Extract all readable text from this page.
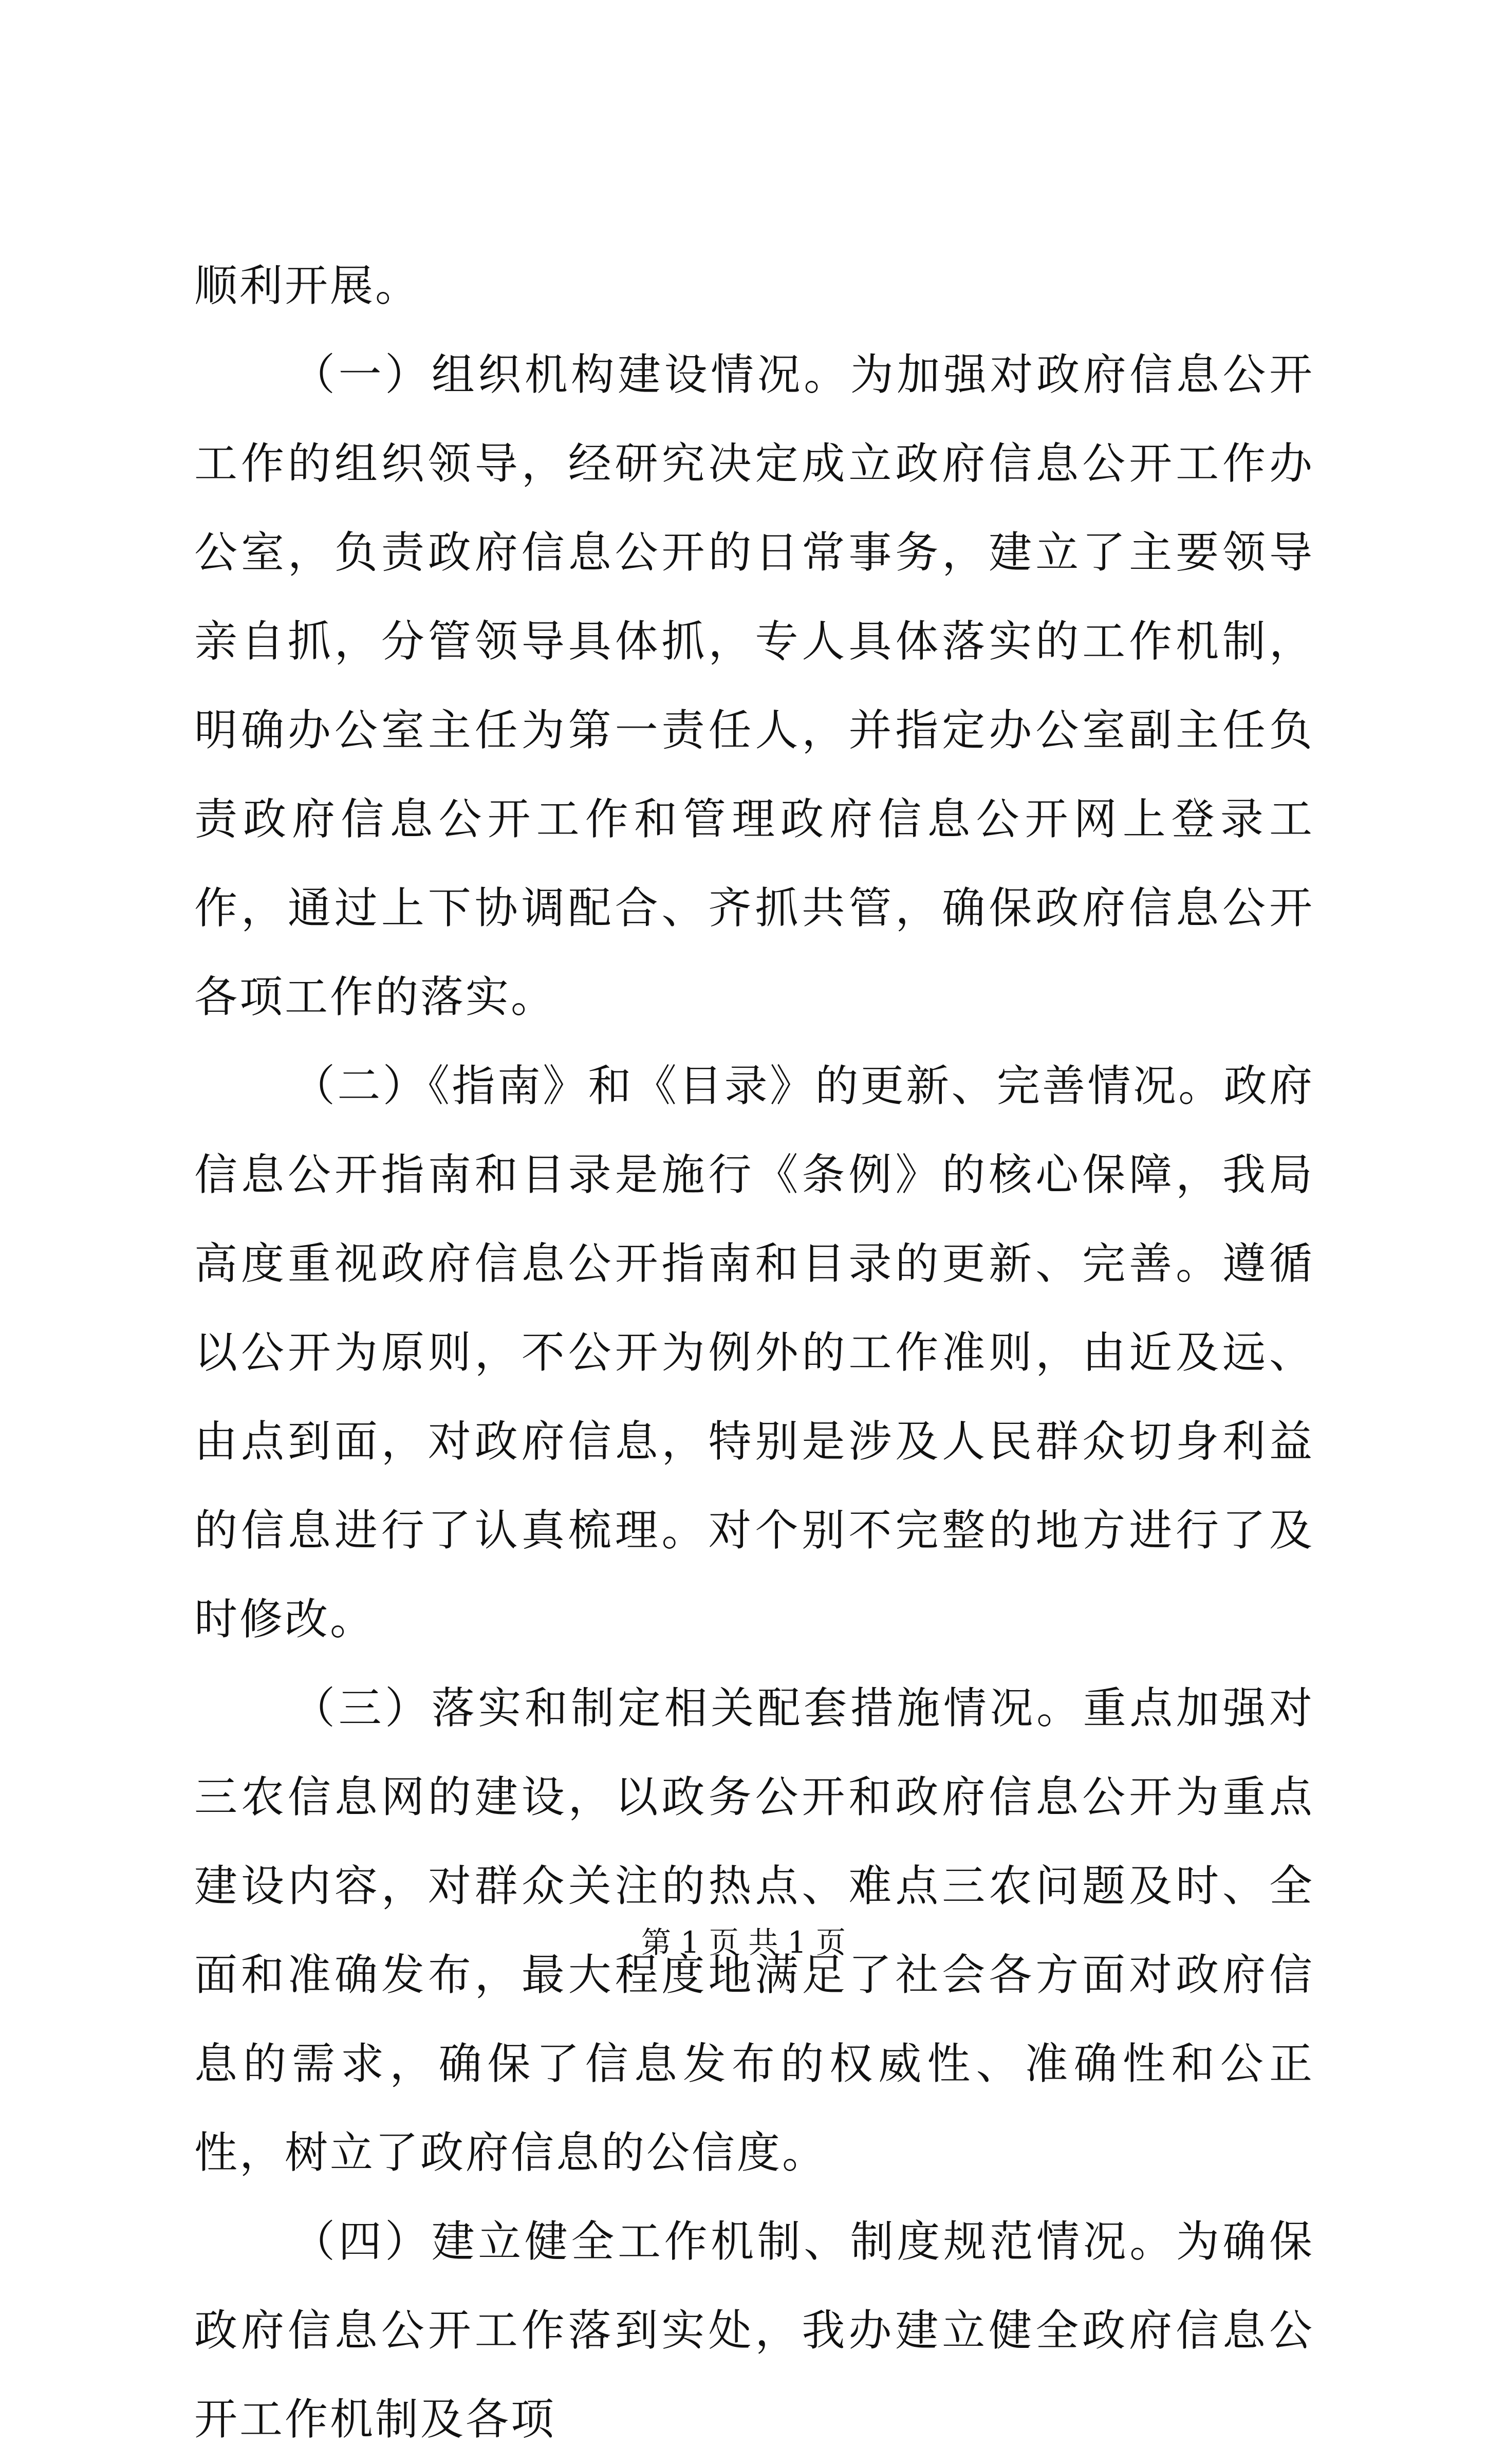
顺利开展。

（一）组织机构建设情况。为加强对政府信息公开工作的组织领导，经研究决定成立政府信息公开工作办公室，负责政府信息公开的日常事务，建立了主要领导亲自抓，分管领导具体抓，专人具体落实的工作机制，明确办公室主任为第一责任人，并指定办公室副主任负责政府信息公开工作和管理政府信息公开网上登录工作，通过上下协调配合、齐抓共管，确保政府信息公开各项工作的落实。

（二）《指南》和《目录》的更新、完善情况。政府信息公开指南和目录是施行《条例》的核心保障，我局高度重视政府信息公开指南和目录的更新、完善。遵循以公开为原则，不公开为例外的工作准则，由近及远、由点到面，对政府信息，特别是涉及人民群众切身利益的信息进行了认真梳理。对个别不完整的地方进行了及时修改。

（三）落实和制定相关配套措施情况。重点加强对三农信息网的建设，以政务公开和政府信息公开为重点建设内容，对群众关注的热点、难点三农问题及时、全面和准确发布，最大程度地满足了社会各方面对政府信息的需求，确保了信息发布的权威性、准确性和公正性，树立了政府信息的公信度。

（四）建立健全工作机制、制度规范情况。为确保政府信息公开工作落到实处，我办建立健全政府信息公开工作机制及各项

第 1 页 共 1 页
